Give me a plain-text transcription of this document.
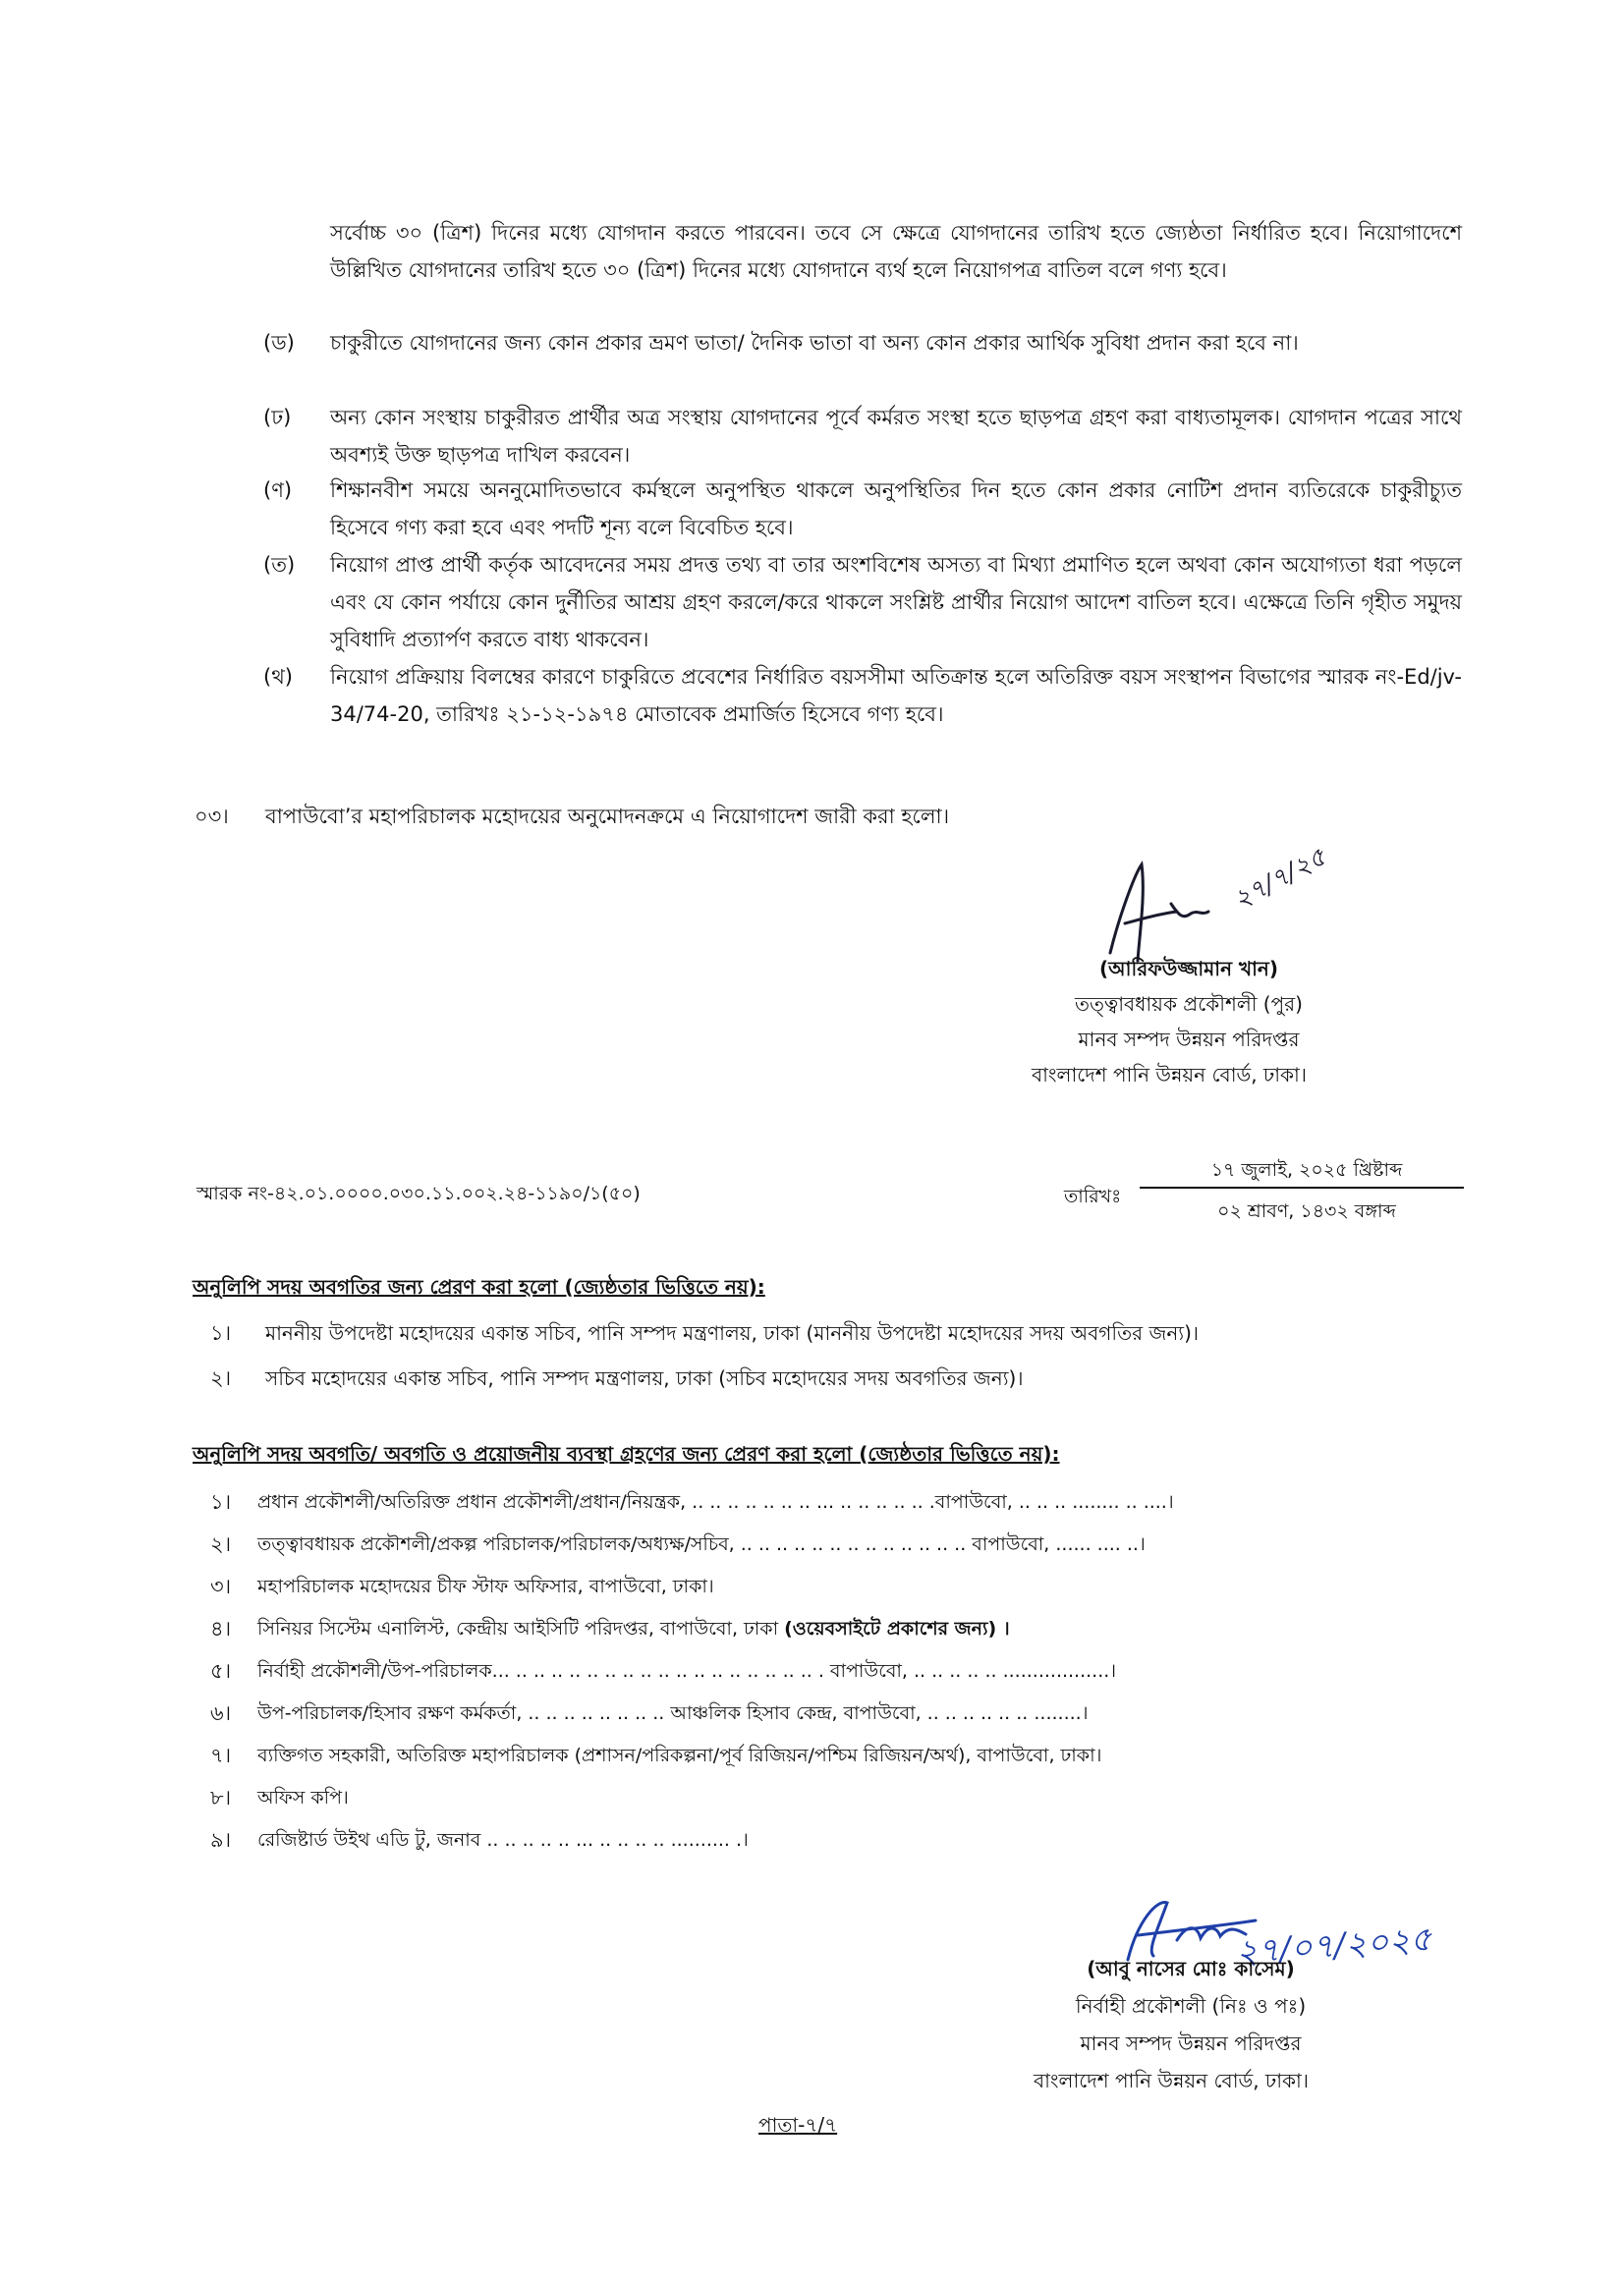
সর্বোচ্চ ৩০ (ত্রিশ) দিনের মধ্যে যোগদান করতে পারবেন। তবে সে ক্ষেত্রে যোগদানের তারিখ হতে জ্যেষ্ঠতা নির্ধারিত হবে। নিয়োগাদেশে উল্লিখিত যোগদানের তারিখ হতে ৩০ (ত্রিশ) দিনের মধ্যে যোগদানে ব্যর্থ হলে নিয়োগপত্র বাতিল বলে গণ্য হবে।
(ড) চাকুরীতে যোগদানের জন্য কোন প্রকার ভ্রমণ ভাতা/ দৈনিক ভাতা বা অন্য কোন প্রকার আর্থিক সুবিধা প্রদান করা হবে না।
(ঢ) অন্য কোন সংস্থায় চাকুরীরত প্রার্থীর অত্র সংস্থায় যোগদানের পূর্বে কর্মরত সংস্থা হতে ছাড়পত্র গ্রহণ করা বাধ্যতামূলক। যোগদান পত্রের সাথে অবশ্যই উক্ত ছাড়পত্র দাখিল করবেন।
(ণ) শিক্ষানবীশ সময়ে অননুমোদিতভাবে কর্মস্থলে অনুপস্থিত থাকলে অনুপস্থিতির দিন হতে কোন প্রকার নোটিশ প্রদান ব্যতিরেকে চাকুরীচ্যুত হিসেবে গণ্য করা হবে এবং পদটি শূন্য বলে বিবেচিত হবে।
(ত) নিয়োগ প্রাপ্ত প্রার্থী কর্তৃক আবেদনের সময় প্রদত্ত তথ্য বা তার অংশবিশেষ অসত্য বা মিথ্যা প্রমাণিত হলে অথবা কোন অযোগ্যতা ধরা পড়লে এবং যে কোন পর্যায়ে কোন দুর্নীতির আশ্রয় গ্রহণ করলে/করে থাকলে সংশ্লিষ্ট প্রার্থীর নিয়োগ আদেশ বাতিল হবে। এক্ষেত্রে তিনি গৃহীত সমুদয় সুবিধাদি প্রত্যার্পণ করতে বাধ্য থাকবেন।
(থ) নিয়োগ প্রক্রিয়ায় বিলম্বের কারণে চাকুরিতে প্রবেশের নির্ধারিত বয়সসীমা অতিক্রান্ত হলে অতিরিক্ত বয়স সংস্থাপন বিভাগের স্মারক নং-Ed/jv-34/74-20, তারিখঃ ২১-১২-১৯৭৪ মোতাবেক প্রমার্জিত হিসেবে গণ্য হবে।
০৩। বাপাউবো’র মহাপরিচালক মহোদয়ের অনুমোদনক্রমে এ নিয়োগাদেশ জারী করা হলো।
২৭/৭/২৫
(আরিফউজ্জামান খান)
তত্ত্বাবধায়ক প্রকৌশলী (পুর)
মানব সম্পদ উন্নয়ন পরিদপ্তর
বাংলাদেশ পানি উন্নয়ন বোর্ড, ঢাকা।
স্মারক নং-৪২.০১.০০০০.০৩০.১১.০০২.২৪-১১৯০/১(৫০)	তারিখঃ
১৭ জুলাই, ২০২৫ খ্রিষ্টাব্দ
০২ শ্রাবণ, ১৪৩২ বঙ্গাব্দ
অনুলিপি সদয় অবগতির জন্য প্রেরণ করা হলো (জ্যেষ্ঠতার ভিত্তিতে নয়):
১। মাননীয় উপদেষ্টা মহোদয়ের একান্ত সচিব, পানি সম্পদ মন্ত্রণালয়, ঢাকা (মাননীয় উপদেষ্টা মহোদয়ের সদয় অবগতির জন্য)।
২। সচিব মহোদয়ের একান্ত সচিব, পানি সম্পদ মন্ত্রণালয়, ঢাকা (সচিব মহোদয়ের সদয় অবগতির জন্য)।
অনুলিপি সদয় অবগতি/ অবগতি ও প্রয়োজনীয় ব্যবস্থা গ্রহণের জন্য প্রেরণ করা হলো (জ্যেষ্ঠতার ভিত্তিতে নয়):
১। প্রধান প্রকৌশলী/অতিরিক্ত প্রধান প্রকৌশলী/প্রধান/নিয়ন্ত্রক, .. .. .. .. .. .. .. ... .. .. .. .. .. .বাপাউবো, .. .. .. ........ .. ....।
২। তত্ত্বাবধায়ক প্রকৌশলী/প্রকল্প পরিচালক/পরিচালক/অধ্যক্ষ/সচিব, .. .. .. .. .. .. .. .. .. .. .. .. .. বাপাউবো, ...... .... ..।
৩। মহাপরিচালক মহোদয়ের চীফ স্টাফ অফিসার, বাপাউবো, ঢাকা।
৪। সিনিয়র সিস্টেম এনালিস্ট, কেন্দ্রীয় আইসিটি পরিদপ্তর, বাপাউবো, ঢাকা (ওয়েবসাইটে প্রকাশের জন্য) ।
৫। নির্বাহী প্রকৌশলী/উপ-পরিচালক... .. .. .. .. .. .. .. .. .. .. .. .. .. .. .. .. .. . বাপাউবো, .. .. .. .. .. ..................।
৬। উপ-পরিচালক/হিসাব রক্ষণ কর্মকর্তা, .. .. .. .. .. .. .. .. আঞ্চলিক হিসাব কেন্দ্র, বাপাউবো, .. .. .. .. .. .. ........।
৭। ব্যক্তিগত সহকারী, অতিরিক্ত মহাপরিচালক (প্রশাসন/পরিকল্পনা/পূর্ব রিজিয়ন/পশ্চিম রিজিয়ন/অর্থ), বাপাউবো, ঢাকা।
৮। অফিস কপি।
৯। রেজিষ্টার্ড উইথ এডি টু, জনাব .. .. .. .. .. ... .. .. .. .. .......... .।
২৭/০৭/২০২৫
(আবু নাসের মোঃ কাসেম)
নির্বাহী প্রকৌশলী (নিঃ ও পঃ)
মানব সম্পদ উন্নয়ন পরিদপ্তর
বাংলাদেশ পানি উন্নয়ন বোর্ড, ঢাকা।
পাতা-৭/৭
